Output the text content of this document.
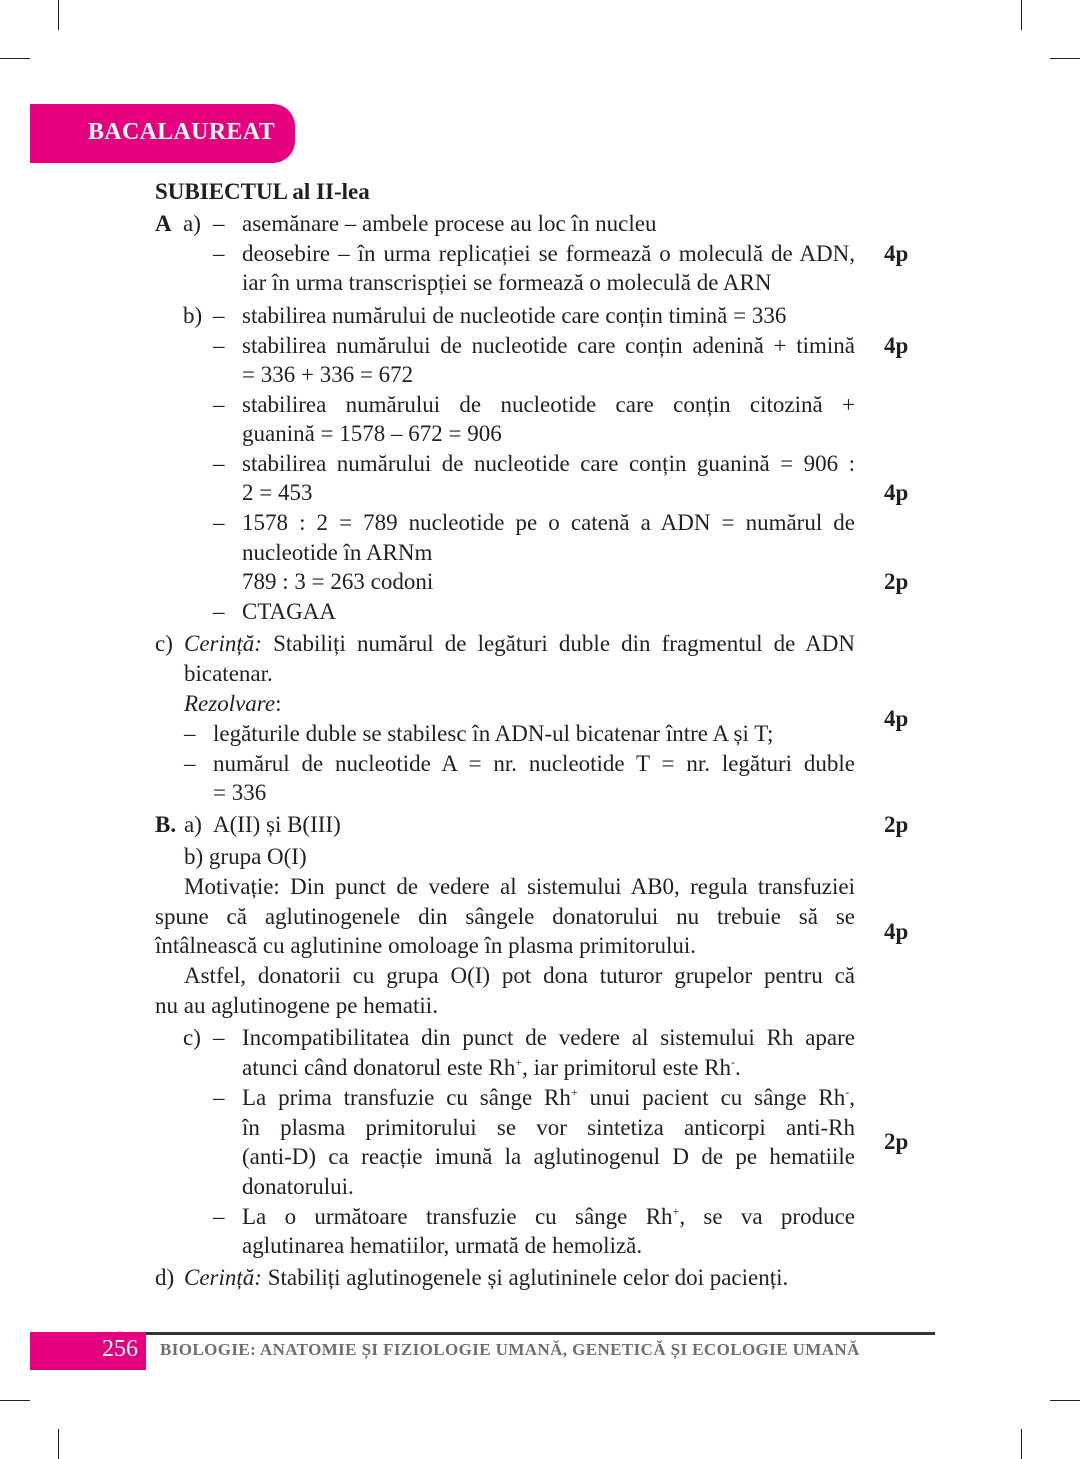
BACALAUREAT
SUBIECTUL al II-lea
A a) – asemănare – ambele procese au loc în nucleu
– deosebire – în urma replicației se formează o moleculă de ADN,
iar în urma transcrispției se formează o moleculă de ARN
b) – stabilirea numărului de nucleotide care conțin timină = 336
– stabilirea numărului de nucleotide care conțin adenină + timină
= 336 + 336 = 672
– stabilirea numărului de nucleotide care conțin citozină +
guanină = 1578 – 672 = 906
– stabilirea numărului de nucleotide care conțin guanină = 906 :
2 = 453
– 1578 : 2 = 789 nucleotide pe o catenă a ADN = numărul de
nucleotide în ARNm
789 : 3 = 263 codoni
– CTAGAA
c) Cerință: Stabiliți numărul de legături duble din fragmentul de ADN
bicatenar.
Rezolvare:
– legăturile duble se stabilesc în ADN-ul bicatenar între A și T;
– numărul de nucleotide A = nr. nucleotide T = nr. legături duble
= 336
B. a) A(II) și B(III)
b) grupa O(I)
Motivație: Din punct de vedere al sistemului AB0, regula transfuziei
spune că aglutinogenele din sângele donatorului nu trebuie să se
întâlnească cu aglutinine omoloage în plasma primitorului.
Astfel, donatorii cu grupa O(I) pot dona tuturor grupelor pentru că
nu au aglutinogene pe hematii.
c) – Incompatibilitatea din punct de vedere al sistemului Rh apare
atunci când donatorul este Rh+, iar primitorul este Rh-.
– La prima transfuzie cu sânge Rh+ unui pacient cu sânge Rh-,
în plasma primitorului se vor sintetiza anticorpi anti-Rh
(anti-D) ca reacție imună la aglutinogenul D de pe hematiile
donatorului.
– La o următoare transfuzie cu sânge Rh+, se va produce
aglutinarea hematiilor, urmată de hemoliză.
d) Cerință: Stabiliți aglutinogenele și aglutininele celor doi pacienți.
4p
4p
4p
2p
4p
2p
4p
2p
256 BIOLOGIE: ANATOMIE ȘI FIZIOLOGIE UMANĂ, GENETICĂ ȘI ECOLOGIE UMANĂ
